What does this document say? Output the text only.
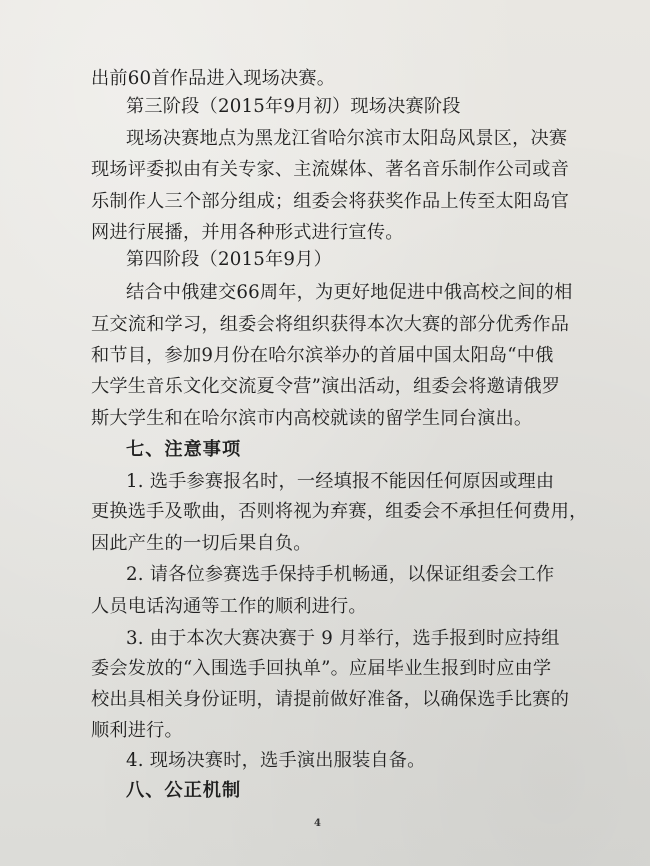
出前60首作品进入现场决赛。
第三阶段（2015年9月初）现场决赛阶段
现场决赛地点为黑龙江省哈尔滨市太阳岛风景区，决赛
现场评委拟由有关专家、主流媒体、著名音乐制作公司或音
乐制作人三个部分组成；组委会将获奖作品上传至太阳岛官
网进行展播，并用各种形式进行宣传。
第四阶段（2015年9月）
结合中俄建交66周年，为更好地促进中俄高校之间的相
互交流和学习，组委会将组织获得本次大赛的部分优秀作品
和节目，参加9月份在哈尔滨举办的首届中国太阳岛“中俄
大学生音乐文化交流夏令营”演出活动，组委会将邀请俄罗
斯大学生和在哈尔滨市内高校就读的留学生同台演出。
七、注意事项
1. 选手参赛报名时，一经填报不能因任何原因或理由
更换选手及歌曲，否则将视为弃赛，组委会不承担任何费用，
因此产生的一切后果自负。
2. 请各位参赛选手保持手机畅通，以保证组委会工作
人员电话沟通等工作的顺利进行。
3. 由于本次大赛决赛于 9 月举行，选手报到时应持组
委会发放的“入围选手回执单”。应届毕业生报到时应由学
校出具相关身份证明，请提前做好准备，以确保选手比赛的
顺利进行。
4. 现场决赛时，选手演出服装自备。
八、公正机制
4
